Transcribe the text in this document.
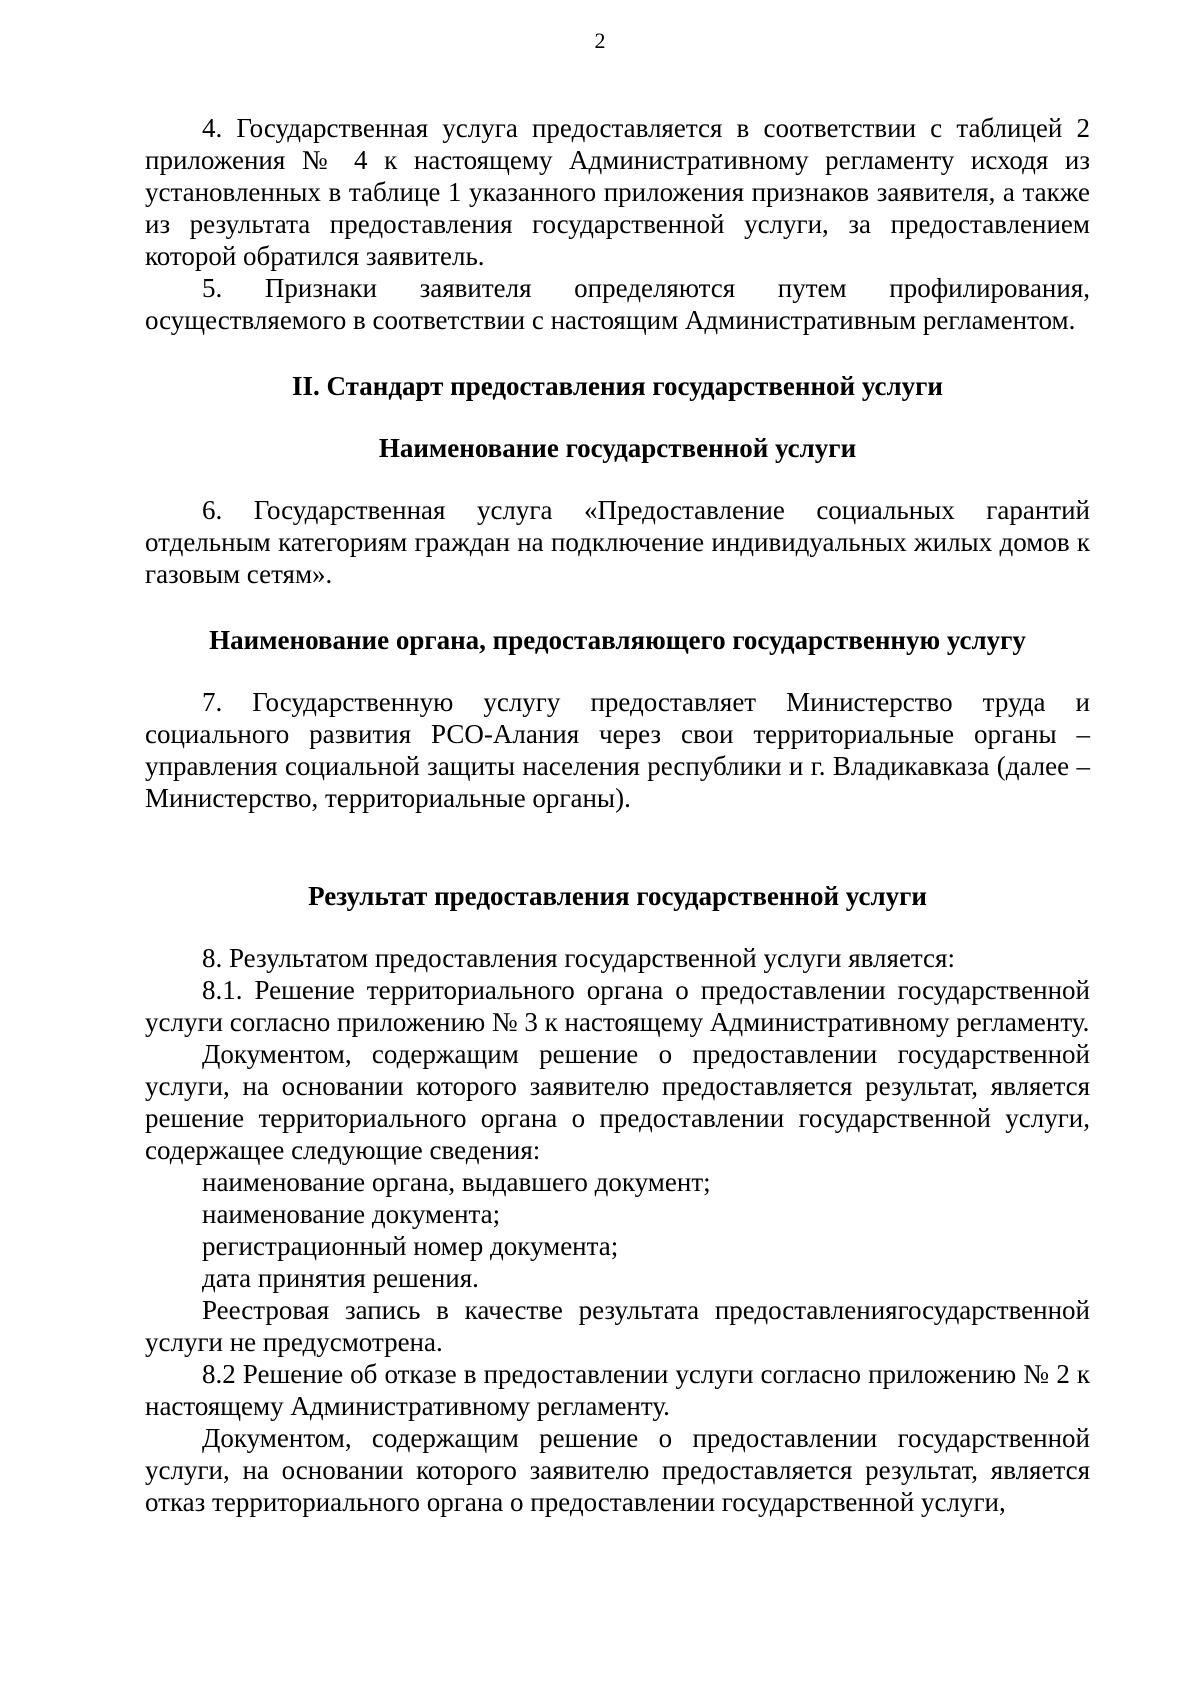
2

4. Государственная услуга предоставляется в соответствии с таблицей 2 приложения № 4 к настоящему Административному регламенту исходя из установленных в таблице 1 указанного приложения признаков заявителя, а также из результата предоставления государственной услуги, за предоставлением которой обратился заявитель.

5. Признаки заявителя определяются путем профилирования, осуществляемого в соответствии с настоящим Административным регламентом.

II. Стандарт предоставления государственной услуги
Наименование государственной услуги

6. Государственная услуга «Предоставление социальных гарантий отдельным категориям граждан на подключение индивидуальных жилых домов к газовым сетям».

Наименование органа, предоставляющего государственную услугу

7. Государственную услугу предоставляет Министерство труда и социального развития РСО-Алания через свои территориальные органы – управления социальной защиты населения республики и г. Владикавказа (далее – Министерство, территориальные органы).

Результат предоставления государственной услуги

8. Результатом предоставления государственной услуги является:

8.1. Решение территориального органа о предоставлении государственной услуги согласно приложению № 3 к настоящему Административному регламенту.

Документом, содержащим решение о предоставлении государственной услуги, на основании которого заявителю предоставляется результат, является решение территориального органа о предоставлении государственной услуги, содержащее следующие сведения:

наименование органа, выдавшего документ;

наименование документа;

регистрационный номер документа;

дата принятия решения.

Реестровая запись в качестве результата предоставлениягосударственной услуги не предусмотрена.

8.2 Решение об отказе в предоставлении услуги согласно приложению № 2 к настоящему Административному регламенту.

Документом, содержащим решение о предоставлении государственной услуги, на основании которого заявителю предоставляется результат, является отказ территориального органа о предоставлении государственной услуги,
